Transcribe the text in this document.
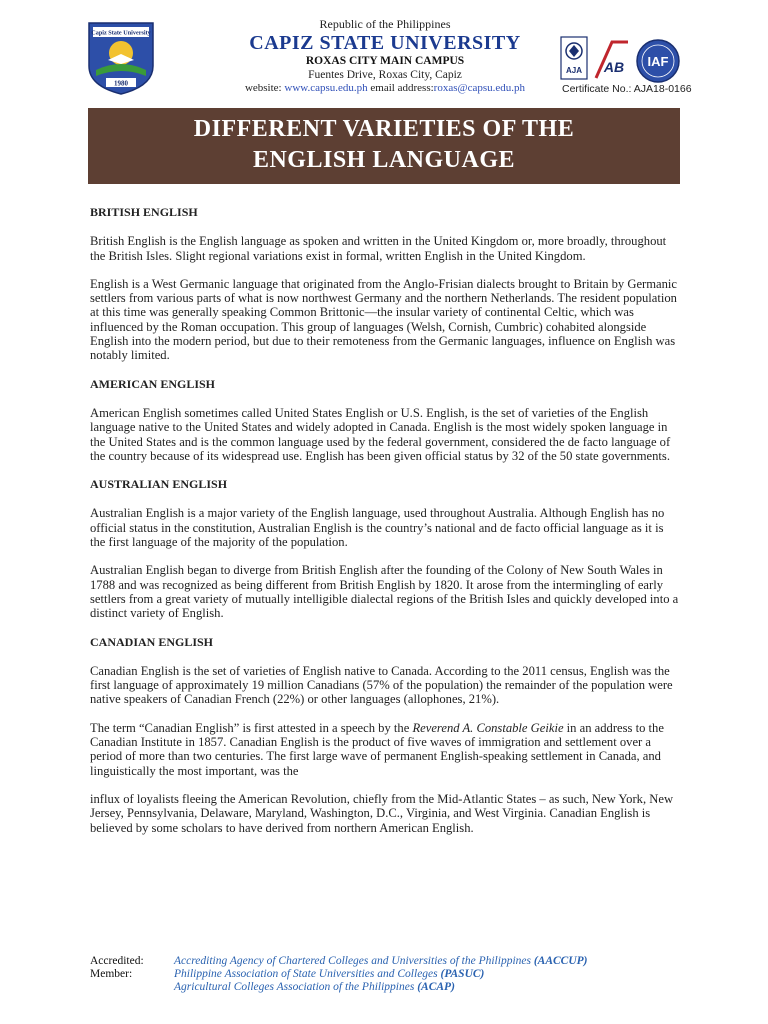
Capiz State University
1980
Republic of the Philippines
CAPIZ STATE UNIVERSITY
ROXAS CITY MAIN CAMPUS
Fuentes Drive, Roxas City, Capiz
website: www.capsu.edu.ph email address:roxas@capsu.edu.ph
AJA AB IAF
Certificate No.: AJA18-0166
DIFFERENT VARIETIES OF THE
ENGLISH LANGUAGE
BRITISH ENGLISH

British English is the English language as spoken and written in the United Kingdom or, more broadly, throughout the British Isles. Slight regional variations exist in formal, written English in the United Kingdom.

English is a West Germanic language that originated from the Anglo-Frisian dialects brought to Britain by Germanic settlers from various parts of what is now northwest Germany and the northern Netherlands. The resident population at this time was generally speaking Common Brittonic—the insular variety of continental Celtic, which was influenced by the Roman occupation. This group of languages (Welsh, Cornish, Cumbric) cohabited alongside English into the modern period, but due to their remoteness from the Germanic languages, influence on English was notably limited.

AMERICAN ENGLISH

American English sometimes called United States English or U.S. English, is the set of varieties of the English language native to the United States and widely adopted in Canada. English is the most widely spoken language in the United States and is the common language used by the federal government, considered the de facto language of the country because of its widespread use. English has been given official status by 32 of the 50 state governments.

AUSTRALIAN ENGLISH

Australian English is a major variety of the English language, used throughout Australia. Although English has no official status in the constitution, Australian English is the country’s national and de facto official language as it is the first language of the majority of the population.

Australian English began to diverge from British English after the founding of the Colony of New South Wales in 1788 and was recognized as being different from British English by 1820. It arose from the intermingling of early settlers from a great variety of mutually intelligible dialectal regions of the British Isles and quickly developed into a distinct variety of English.

CANADIAN ENGLISH

Canadian English is the set of varieties of English native to Canada. According to the 2011 census, English was the first language of approximately 19 million Canadians (57% of the population) the remainder of the population were native speakers of Canadian French (22%) or other languages (allophones, 21%).

The term “Canadian English” is first attested in a speech by the Reverend A. Constable Geikie in an address to the Canadian Institute in 1857. Canadian English is the product of five waves of immigration and settlement over a period of more than two centuries. The first large wave of permanent English-speaking settlement in Canada, and linguistically the most important, was the

influx of loyalists fleeing the American Revolution, chiefly from the Mid-Atlantic States – as such, New York, New Jersey, Pennsylvania, Delaware, Maryland, Washington, D.C., Virginia, and West Virginia. Canadian English is believed by some scholars to have derived from northern American English.

Accredited:	Accrediting Agency of Chartered Colleges and Universities of the Philippines (AACCUP)
Member:	Philippine Association of State Universities and Colleges (PASUC)
Agricultural Colleges Association of the Philippines (ACAP)
